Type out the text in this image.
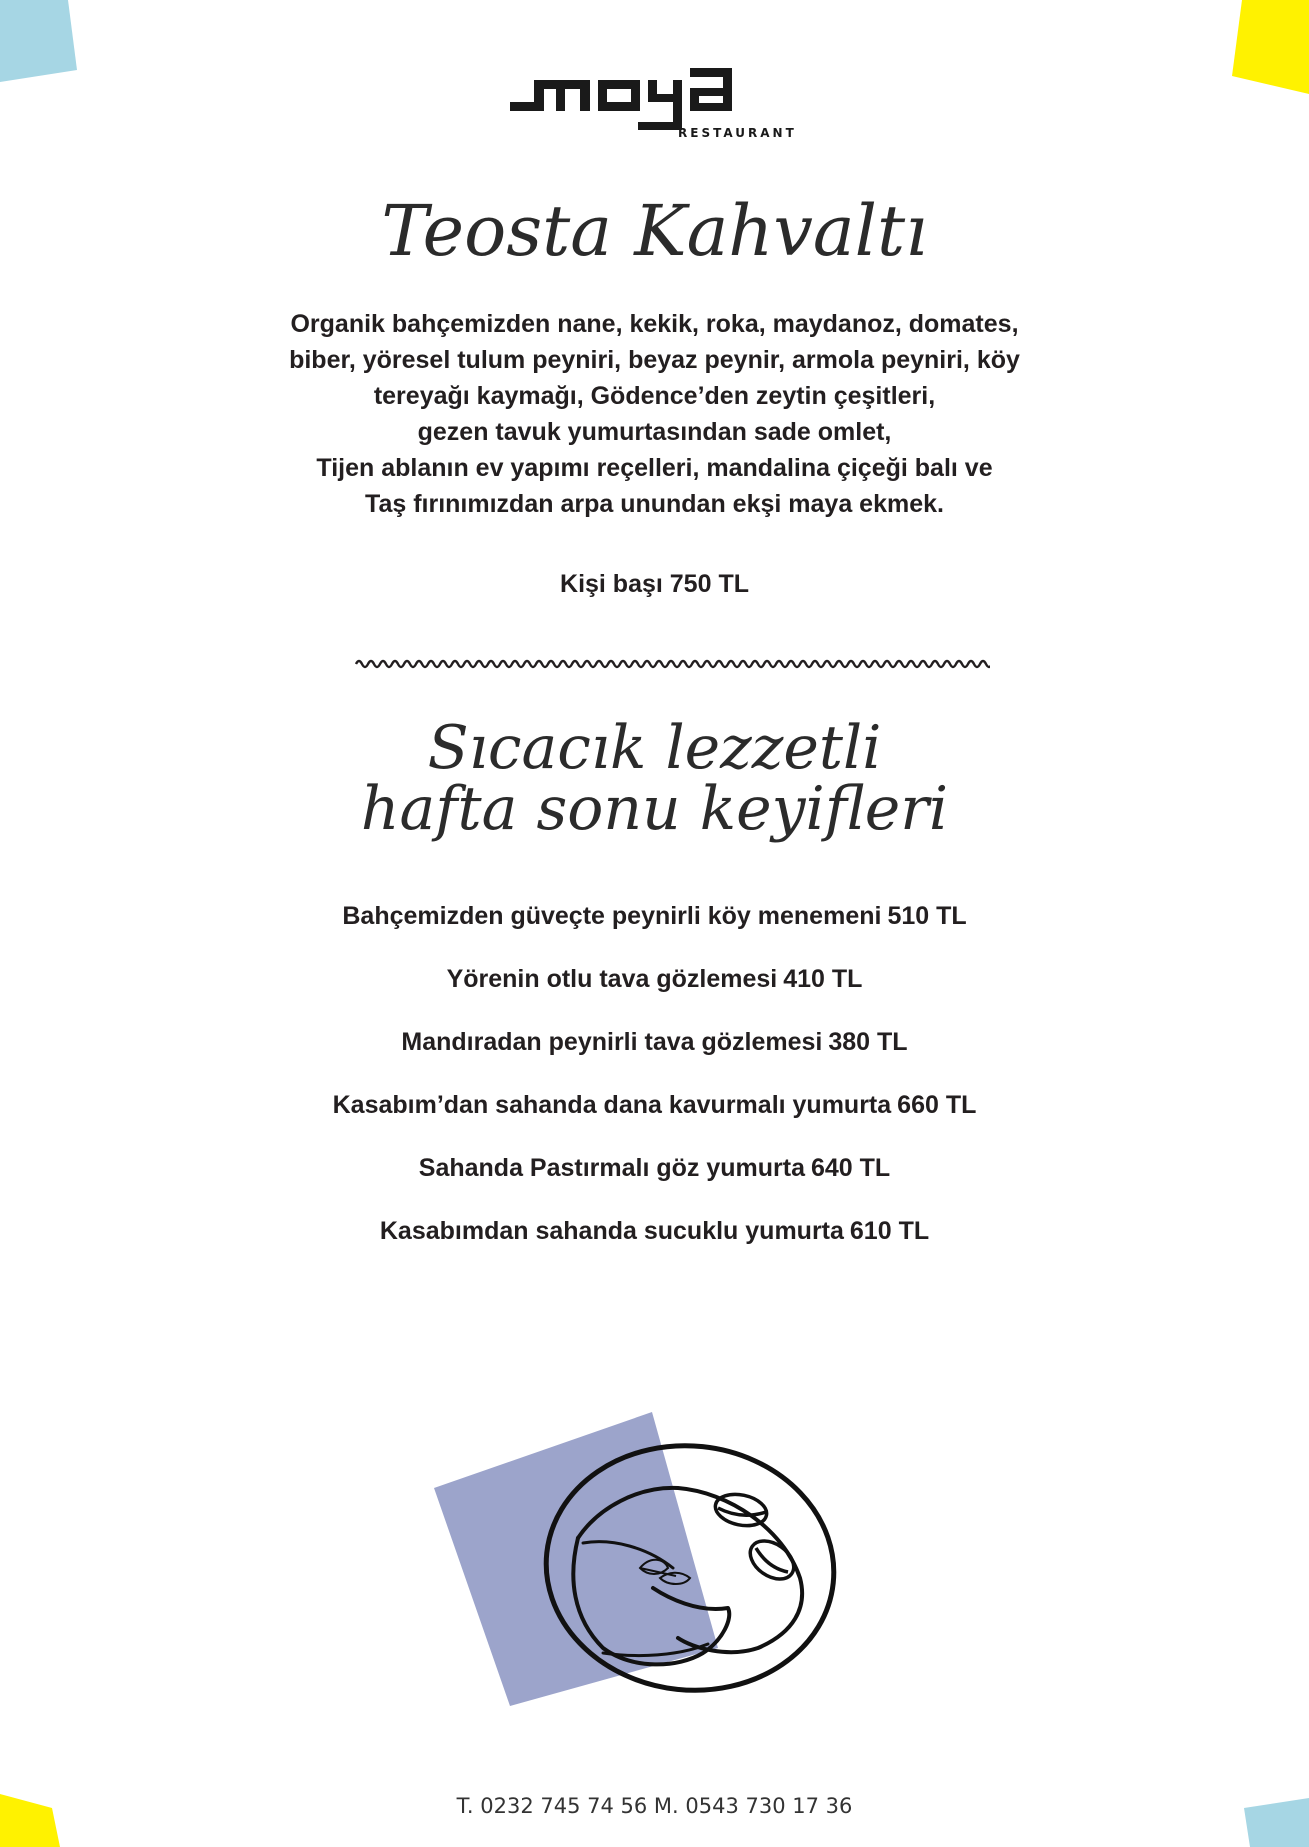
RESTAURANT
Teosta Kahvaltı
Organik bahçemizden nane, kekik, roka, maydanoz, domates,
biber, yöresel tulum peyniri, beyaz peynir, armola peyniri, köy
tereyağı kaymağı, Gödence’den zeytin çeşitleri,
gezen tavuk yumurtasından sade omlet,
Tijen ablanın ev yapımı reçelleri, mandalina çiçeği balı ve
Taş fırınımızdan arpa unundan ekşi maya ekmek.
Kişi başı 750 TL
Sıcacık lezzetli
hafta sonu keyifleri
Bahçemizden güveçte peynirli köy menemeni 510 TL
Yörenin otlu tava gözlemesi 410 TL
Mandıradan peynirli tava gözlemesi 380 TL
Kasabım’dan sahanda dana kavurmalı yumurta 660 TL
Sahanda Pastırmalı göz yumurta 640 TL
Kasabımdan sahanda sucuklu yumurta 610 TL
T. 0232 745 74 56 M. 0543 730 17 36
